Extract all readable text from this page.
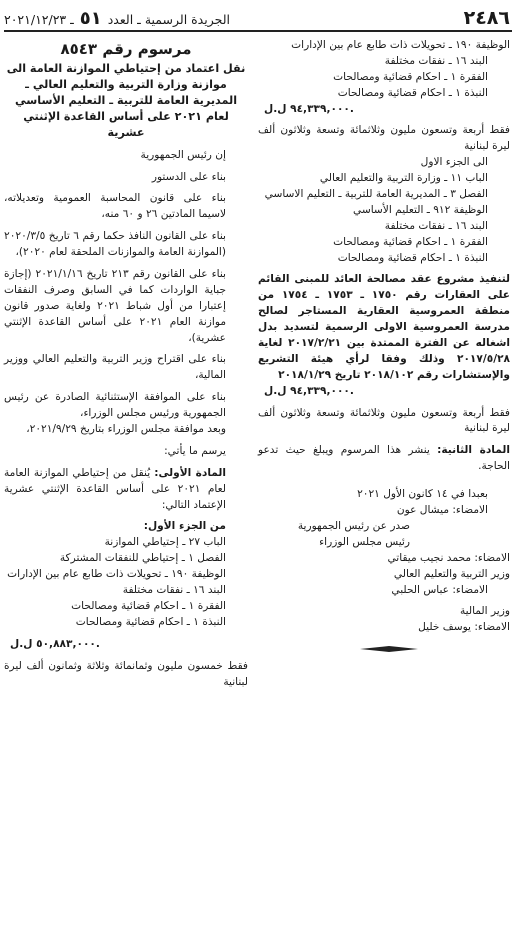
الجريدة الرسمية ـ العدد ٥١ ـ ٢٠٢١/١٢/٢٣	٢٤٨٦

الوظيفة ١٩٠ ـ تحويلات ذات طابع عام بين الإدارات

البند ١٦ ـ نفقات مختلفة

الفقرة ١ ـ احكام قضائية ومصالحات

النبذة ١ ـ احكام قضائية ومصالحات

٩٤,٣٣٩,٠٠٠ ل.ل.

فقط أربعة وتسعون مليون وثلاثمائة وتسعة وثلاثون ألف ليرة لبنانية

الى الجزء الاول

الباب ١١ ـ وزارة التربية والتعليم العالي

الفصل ٣ ـ المديرية العامة للتربية ـ التعليم الاساسي

الوظيفة ٩١٢ ـ التعليم الأساسي

البند ١٦ ـ نفقات مختلفة

الفقرة ١ ـ احكام قضائية ومصالحات

النبذة ١ ـ احكام قضائية ومصالحات

لتنفيذ مشروع عقد مصالحة العائد للمبنى القائم على العقارات رقم ١٧٥٠ ـ ١٧٥٣ ـ ١٧٥٤ من منطقة العمروسية العقارية المستاجر لصالح مدرسة العمروسية الاولى الرسمية لتسديد بدل اشغاله عن الفترة الممتدة بين ٢٠١٧/٢/٢١ لغاية ٢٠١٧/٥/٢٨ وذلك وفقا لرأي هيئة التشريع والإستشارات رقم ٢٠١٨/١٠٢ تاريخ ٢٠١٨/١/٢٩

٩٤,٣٣٩,٠٠٠ ل.ل.

فقط أربعة وتسعون مليون وثلاثمائة وتسعة وثلاثون ألف ليرة لبنانية

المادة الثانية: ينشر هذا المرسوم ويبلغ حيث تدعو الحاجة.

بعبدا في ١٤ كانون الأول ٢٠٢١

الامضاء: ميشال عون

صدر عن رئيس الجمهورية

رئيس مجلس الوزراء

الامضاء: محمد نجيب ميقاتي

وزير التربية والتعليم العالي

الامضاء: عباس الحلبي

وزير المالية

الامضاء: يوسف خليل

مرسوم رقم ٨٥٤٣

نقل اعتماد من إحتياطي الموازنة العامة الى موازنة وزارة التربية والتعليم العالي ـ المديرية العامة للتربية ـ التعليم الأساسي لعام ٢٠٢١ على أساس القاعدة الإثنتي عشرية

إن رئيس الجمهورية

بناء على الدستور

بناء على قانون المحاسبة العمومية وتعديلاته، لاسيما المادتين ٢٦ و ٦٠ منه،

بناء على القانون النافذ حكما رقم ٦ تاريخ ٢٠٢٠/٣/٥ (الموازنة العامة والموازنات الملحقة لعام ٢٠٢٠)،

بناء على القانون رقم ٢١٣ تاريخ ٢٠٢١/١/١٦ (إجازة جباية الواردات كما في السابق وصرف النفقات إعتبارا من أول شباط ٢٠٢١ ولغاية صدور قانون موازنة العام ٢٠٢١ على أساس القاعدة الإثنتي عشرية)،

بناء على اقتراح وزير التربية والتعليم العالي ووزير المالية،

بناء على الموافقة الإستثنائية الصادرة عن رئيس الجمهورية ورئيس مجلس الوزراء،

وبعد موافقة مجلس الوزراء بتاريخ ٢٠٢١/٩/٢٩،

يرسم ما يأتي:

المادة الأولى: يُنقل من إحتياطي الموازنة العامة لعام ٢٠٢١ على أساس القاعدة الإثنتي عشرية الإعتماد التالي:

من الجزء الأول:

الباب ٢٧ ـ إحتياطي الموازنة

الفصل ١ ـ إحتياطي للنفقات المشتركة

الوظيفة ١٩٠ ـ تحويلات ذات طابع عام بين الإدارات

البند ١٦ ـ نفقات مختلفة

الفقرة ١ ـ احكام قضائية ومصالحات

النبذة ١ ـ احكام قضائية ومصالحات

٥٠,٨٨٣,٠٠٠ ل.ل.

فقط خمسون مليون وثمانمائة وثلاثة وثمانون ألف ليرة لبنانية
